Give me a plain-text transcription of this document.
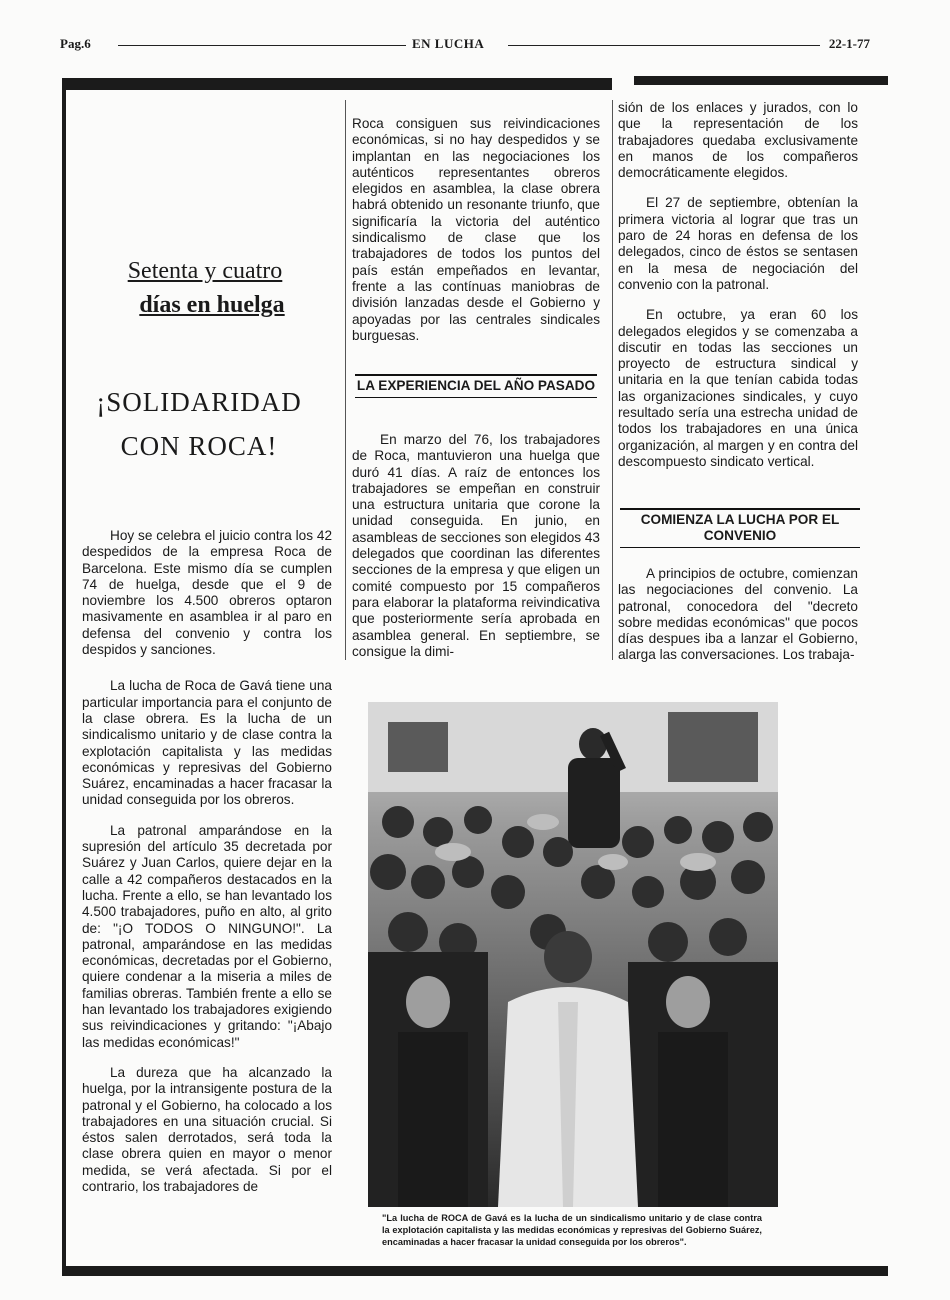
Pag.6	EN LUCHA	22-1-77
Setenta y cuatro
días en huelga
¡SOLIDARIDAD
CON ROCA!

Hoy se celebra el juicio contra los 42 despedidos de la empresa Roca de Barcelona. Este mismo día se cumplen 74 de huelga, desde que el 9 de noviembre los 4.500 obreros optaron masivamente en asamblea ir al paro en defensa del convenio y contra los despidos y sanciones.

La lucha de Roca de Gavá tiene una particular importancia para el conjunto de la clase obrera. Es la lucha de un sindicalismo unitario y de clase contra la explotación capitalista y las medidas económicas y represivas del Gobierno Suárez, encaminadas a hacer fracasar la unidad conseguida por los obreros.

La patronal amparándose en la supresión del artículo 35 decretada por Suárez y Juan Carlos, quiere dejar en la calle a 42 compañeros destacados en la lucha. Frente a ello, se han levantado los 4.500 trabajadores, puño en alto, al grito de: "¡O TODOS O NINGUNO!". La patronal, amparándose en las medidas económicas, decretadas por el Gobierno, quiere condenar a la miseria a miles de familias obreras. También frente a ello se han levantado los trabajadores exigiendo sus reivindicaciones y gritando: "¡Abajo las medidas económicas!"

La dureza que ha alcanzado la huelga, por la intransigente postura de la patronal y el Gobierno, ha colocado a los trabajadores en una situación crucial. Si éstos salen derrotados, será toda la clase obrera quien en mayor o menor medida, se verá afectada. Si por el contrario, los trabajadores de

Roca consiguen sus reivindicaciones económicas, si no hay despedidos y se implantan en las negociaciones los auténticos representantes obreros elegidos en asamblea, la clase obrera habrá obtenido un resonante triunfo, que significaría la victoria del auténtico sindicalismo de clase que los trabajadores de todos los puntos del país están empeñados en levantar, frente a las contínuas maniobras de división lanzadas desde el Gobierno y apoyadas por las centrales sindicales burguesas.

LA EXPERIENCIA DEL AÑO PASADO

En marzo del 76, los trabajadores de Roca, mantuvieron una huelga que duró 41 días. A raíz de entonces los trabajadores se empeñan en construir una estructura unitaria que corone la unidad conseguida. En junio, en asambleas de secciones son elegidos 43 delegados que coordinan las diferentes secciones de la empresa y que eligen un comité compuesto por 15 compañeros para elaborar la plataforma reivindicativa que posteriormente sería aprobada en asamblea general. En septiembre, se consigue la dimi-

sión de los enlaces y jurados, con lo que la representación de los trabajadores quedaba exclusivamente en manos de los compañeros democráticamente elegidos.

El 27 de septiembre, obtenían la primera victoria al lograr que tras un paro de 24 horas en defensa de los delegados, cinco de éstos se sentasen en la mesa de negociación del convenio con la patronal.

En octubre, ya eran 60 los delegados elegidos y se comenzaba a discutir en todas las secciones un proyecto de estructura sindical y unitaria en la que tenían cabida todas las organizaciones sindicales, y cuyo resultado sería una estrecha unidad de todos los trabajadores en una única organización, al margen y en contra del descompuesto sindicato vertical.

COMIENZA LA LUCHA POR EL CONVENIO

A principios de octubre, comienzan las negociaciones del convenio. La patronal, conocedora del "decreto sobre medidas económicas" que pocos días despues iba a lanzar el Gobierno, alarga las conversaciones. Los trabaja-

"La lucha de ROCA de Gavá es la lucha de un sindicalismo unitario y de clase contra la explotación capitalista y las medidas económicas y represivas del Gobierno Suárez, encaminadas a hacer fracasar la unidad conseguida por los obreros".
